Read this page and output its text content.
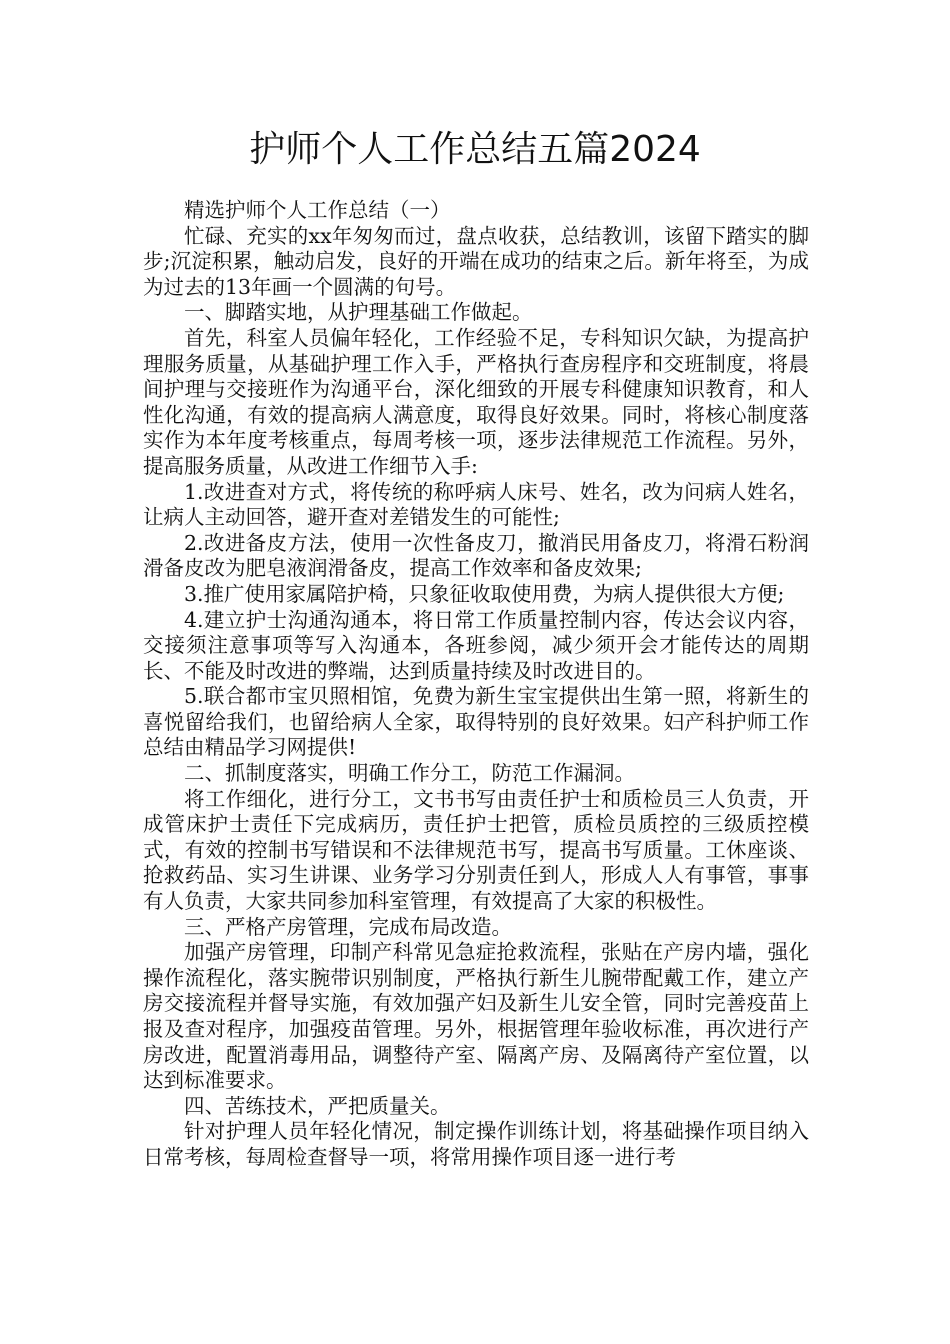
护师个人工作总结五篇2024

精选护师个人工作总结（一）

忙碌、充实的xx年匆匆而过，盘点收获，总结教训，该留下踏实的脚步;沉淀积累，触动启发，良好的开端在成功的结束之后。新年将至，为成为过去的13年画一个圆满的句号。

一、脚踏实地，从护理基础工作做起。

首先，科室人员偏年轻化，工作经验不足，专科知识欠缺，为提高护理服务质量，从基础护理工作入手，严格执行查房程序和交班制度，将晨间护理与交接班作为沟通平台，深化细致的开展专科健康知识教育，和人性化沟通，有效的提高病人满意度，取得良好效果。同时，将核心制度落实作为本年度考核重点，每周考核一项，逐步法律规范工作流程。另外，提高服务质量，从改进工作细节入手:

1.改进查对方式，将传统的称呼病人床号、姓名，改为问病人姓名，让病人主动回答，避开查对差错发生的可能性;

2.改进备皮方法，使用一次性备皮刀，撤消民用备皮刀，将滑石粉润滑备皮改为肥皂液润滑备皮，提高工作效率和备皮效果;

3.推广使用家属陪护椅，只象征收取使用费，为病人提供很大方便;

4.建立护士沟通沟通本，将日常工作质量控制内容，传达会议内容，交接须注意事项等写入沟通本，各班参阅，减少须开会才能传达的周期长、不能及时改进的弊端，达到质量持续及时改进目的。

5.联合都市宝贝照相馆，免费为新生宝宝提供出生第一照，将新生的喜悦留给我们，也留给病人全家，取得特别的良好效果。妇产科护师工作总结由精品学习网提供!

二、抓制度落实，明确工作分工，防范工作漏洞。

将工作细化，进行分工，文书书写由责任护士和质检员三人负责，开成管床护士责任下完成病历，责任护士把管，质检员质控的三级质控模式，有效的控制书写错误和不法律规范书写，提高书写质量。工休座谈、抢救药品、实习生讲课、业务学习分别责任到人，形成人人有事管，事事有人负责，大家共同参加科室管理，有效提高了大家的积极性。

三、严格产房管理，完成布局改造。

加强产房管理，印制产科常见急症抢救流程，张贴在产房内墙，强化操作流程化，落实腕带识别制度，严格执行新生儿腕带配戴工作，建立产房交接流程并督导实施，有效加强产妇及新生儿安全管，同时完善疫苗上报及查对程序，加强疫苗管理。另外，根据管理年验收标准，再次进行产房改进，配置消毒用品，调整待产室、隔离产房、及隔离待产室位置，以达到标准要求。

四、苦练技术，严把质量关。

针对护理人员年轻化情况，制定操作训练计划，将基础操作项目纳入日常考核，每周检查督导一项，将常用操作项目逐一进行考
